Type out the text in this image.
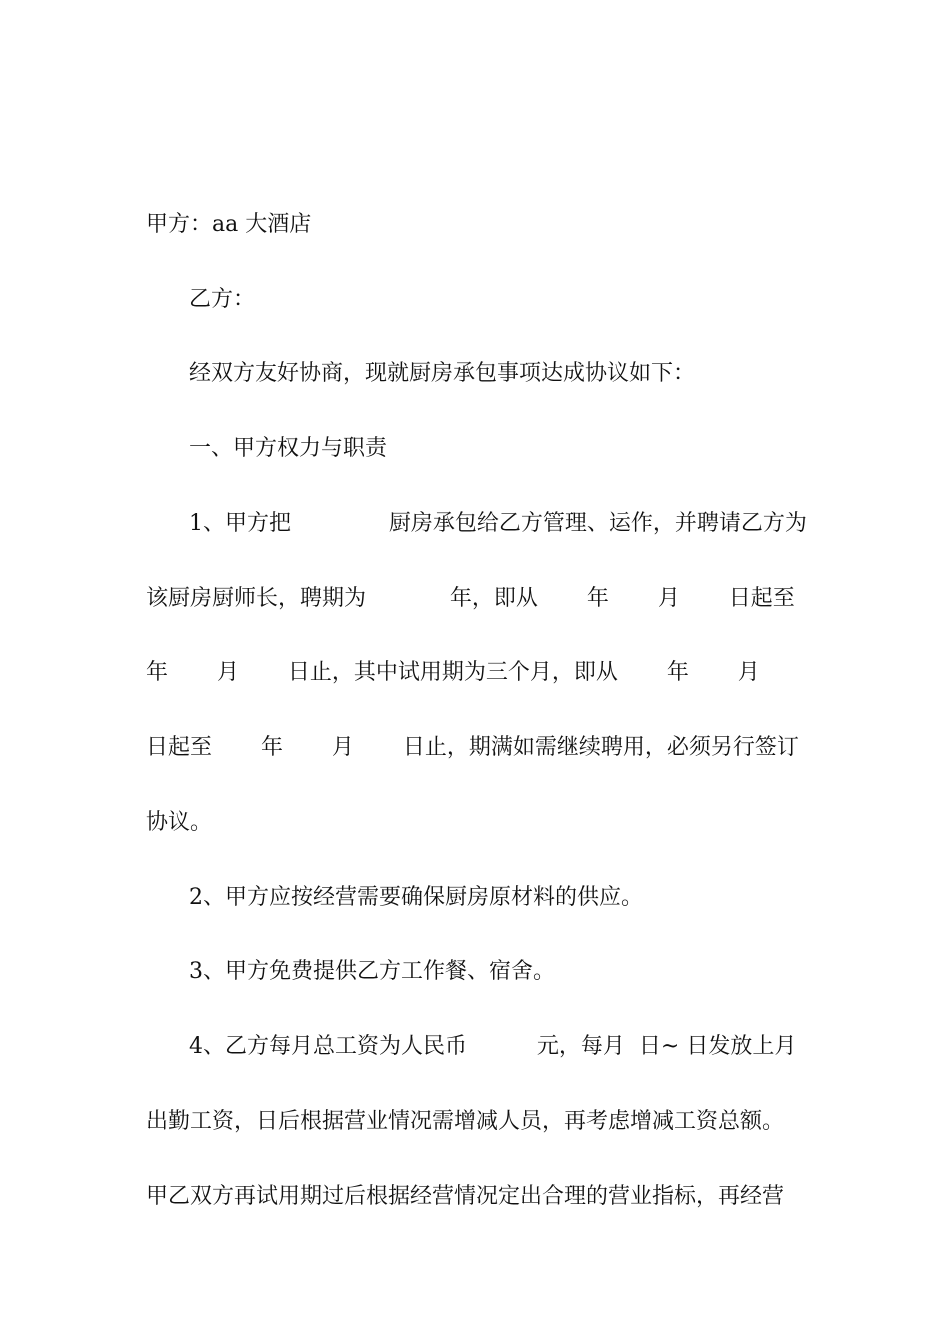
甲方：aa 大酒店

乙方：

经双方友好协商，现就厨房承包事项达成协议如下：

一、甲方权力与职责

1、甲方把              厨房承包给乙方管理、运作，并聘请乙方为

该厨房厨师长，聘期为            年，即从       年       月       日起至

年       月       日止，其中试用期为三个月，即从       年       月

日起至       年       月       日止，期满如需继续聘用，必须另行签订

协议。

2、甲方应按经营需要确保厨房原材料的供应。

3、甲方免费提供乙方工作餐、宿舍。

4、乙方每月总工资为人民币          元，每月  日~ 日发放上月

出勤工资，日后根据营业情况需增减人员，再考虑增减工资总额。

甲乙双方再试用期过后根据经营情况定出合理的营业指标，再经营
